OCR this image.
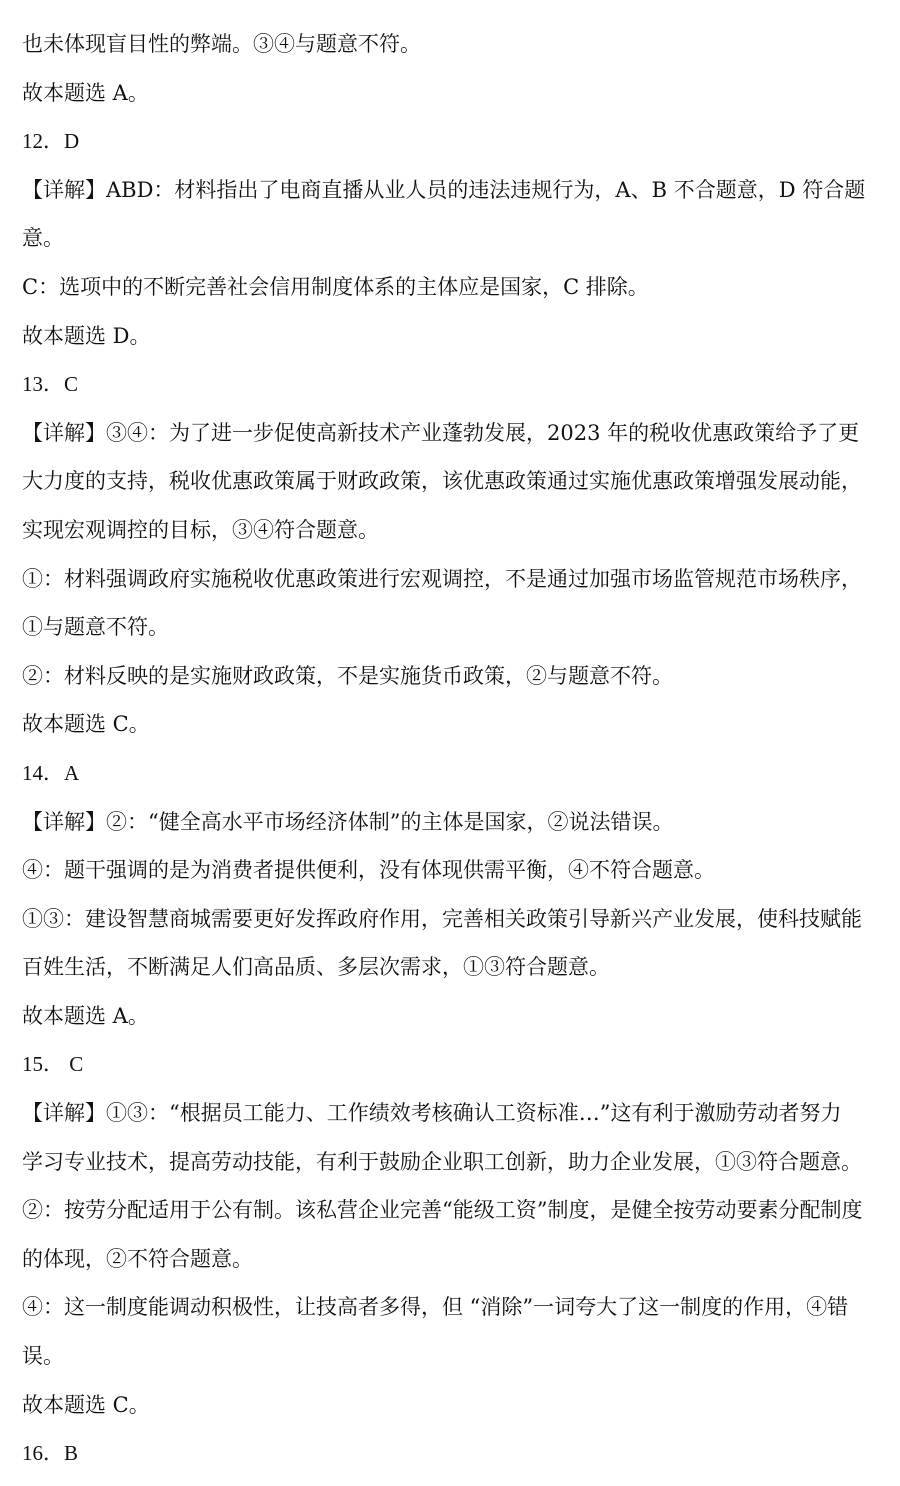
也未体现盲目性的弊端。③④与题意不符。
故本题选 A。
12．D
【详解】ABD：材料指出了电商直播从业人员的违法违规行为，A、B 不合题意，D 符合题
意。
C：选项中的不断完善社会信用制度体系的主体应是国家，C 排除。
故本题选 D。
13．C
【详解】③④：为了进一步促使高新技术产业蓬勃发展，2023 年的税收优惠政策给予了更
大力度的支持，税收优惠政策属于财政政策，该优惠政策通过实施优惠政策增强发展动能，
实现宏观调控的目标，③④符合题意。
①：材料强调政府实施税收优惠政策进行宏观调控，不是通过加强市场监管规范市场秩序，
①与题意不符。
②：材料反映的是实施财政政策，不是实施货币政策，②与题意不符。
故本题选 C。
14．A
【详解】②：“健全高水平市场经济体制”的主体是国家，②说法错误。
④：题干强调的是为消费者提供便利，没有体现供需平衡，④不符合题意。
①③：建设智慧商城需要更好发挥政府作用，完善相关政策引导新兴产业发展，使科技赋能
百姓生活，不断满足人们高品质、多层次需求，①③符合题意。
故本题选 A。
15． C
【详解】①③：“根据员工能力、工作绩效考核确认工资标准…”这有利于激励劳动者努力
学习专业技术，提高劳动技能，有利于鼓励企业职工创新，助力企业发展，①③符合题意。
②：按劳分配适用于公有制。该私营企业完善“能级工资”制度，是健全按劳动要素分配制度
的体现，②不符合题意。
④：这一制度能调动积极性，让技高者多得，但 “消除”一词夸大了这一制度的作用，④错
误。
故本题选 C。
16．B
